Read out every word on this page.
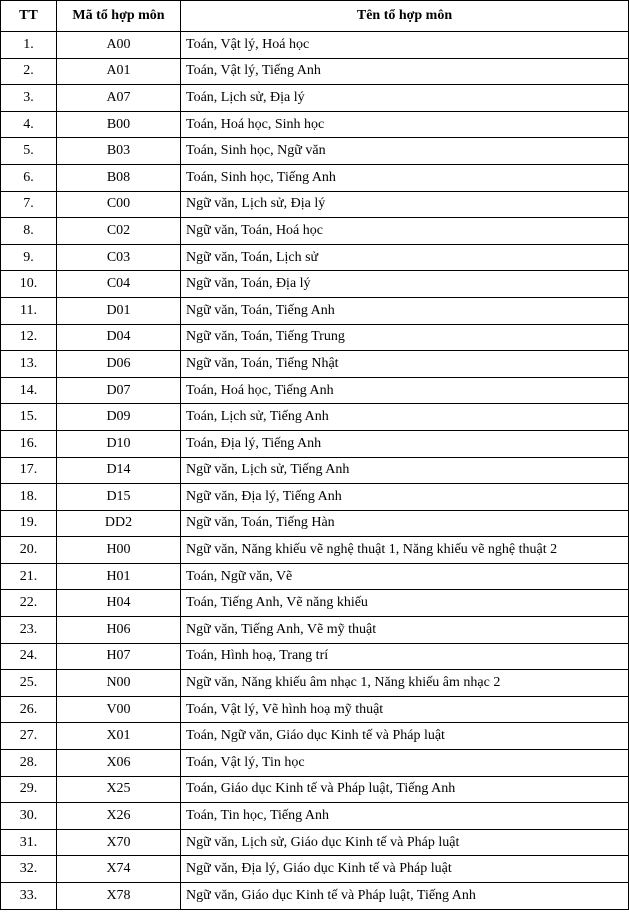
TT	Mã tổ hợp môn	Tên tổ hợp môn
1.	A00	Toán, Vật lý, Hoá học
2.	A01	Toán, Vật lý, Tiếng Anh
3.	A07	Toán, Lịch sử, Địa lý
4.	B00	Toán, Hoá học, Sinh học
5.	B03	Toán, Sinh học, Ngữ văn
6.	B08	Toán, Sinh học, Tiếng Anh
7.	C00	Ngữ văn, Lịch sử, Địa lý
8.	C02	Ngữ văn, Toán, Hoá học
9.	C03	Ngữ văn, Toán, Lịch sử
10.	C04	Ngữ văn, Toán, Địa lý
11.	D01	Ngữ văn, Toán, Tiếng Anh
12.	D04	Ngữ văn, Toán, Tiếng Trung
13.	D06	Ngữ văn, Toán, Tiếng Nhật
14.	D07	Toán, Hoá học, Tiếng Anh
15.	D09	Toán, Lịch sử, Tiếng Anh
16.	D10	Toán, Địa lý, Tiếng Anh
17.	D14	Ngữ văn, Lịch sử, Tiếng Anh
18.	D15	Ngữ văn, Địa lý, Tiếng Anh
19.	DD2	Ngữ văn, Toán, Tiếng Hàn
20.	H00	Ngữ văn, Năng khiếu vẽ nghệ thuật 1, Năng khiếu vẽ nghệ thuật 2
21.	H01	Toán, Ngữ văn, Vẽ
22.	H04	Toán, Tiếng Anh, Vẽ năng khiếu
23.	H06	Ngữ văn, Tiếng Anh, Vẽ mỹ thuật
24.	H07	Toán, Hình hoạ, Trang trí
25.	N00	Ngữ văn, Năng khiếu âm nhạc 1, Năng khiếu âm nhạc 2
26.	V00	Toán, Vật lý, Vẽ hình hoạ mỹ thuật
27.	X01	Toán, Ngữ văn, Giáo dục Kinh tế và Pháp luật
28.	X06	Toán, Vật lý, Tin học
29.	X25	Toán, Giáo dục Kinh tế và Pháp luật, Tiếng Anh
30.	X26	Toán, Tin học, Tiếng Anh
31.	X70	Ngữ văn, Lịch sử, Giáo dục Kinh tế và Pháp luật
32.	X74	Ngữ văn, Địa lý, Giáo dục Kinh tế và Pháp luật
33.	X78	Ngữ văn, Giáo dục Kinh tế và Pháp luật, Tiếng Anh
